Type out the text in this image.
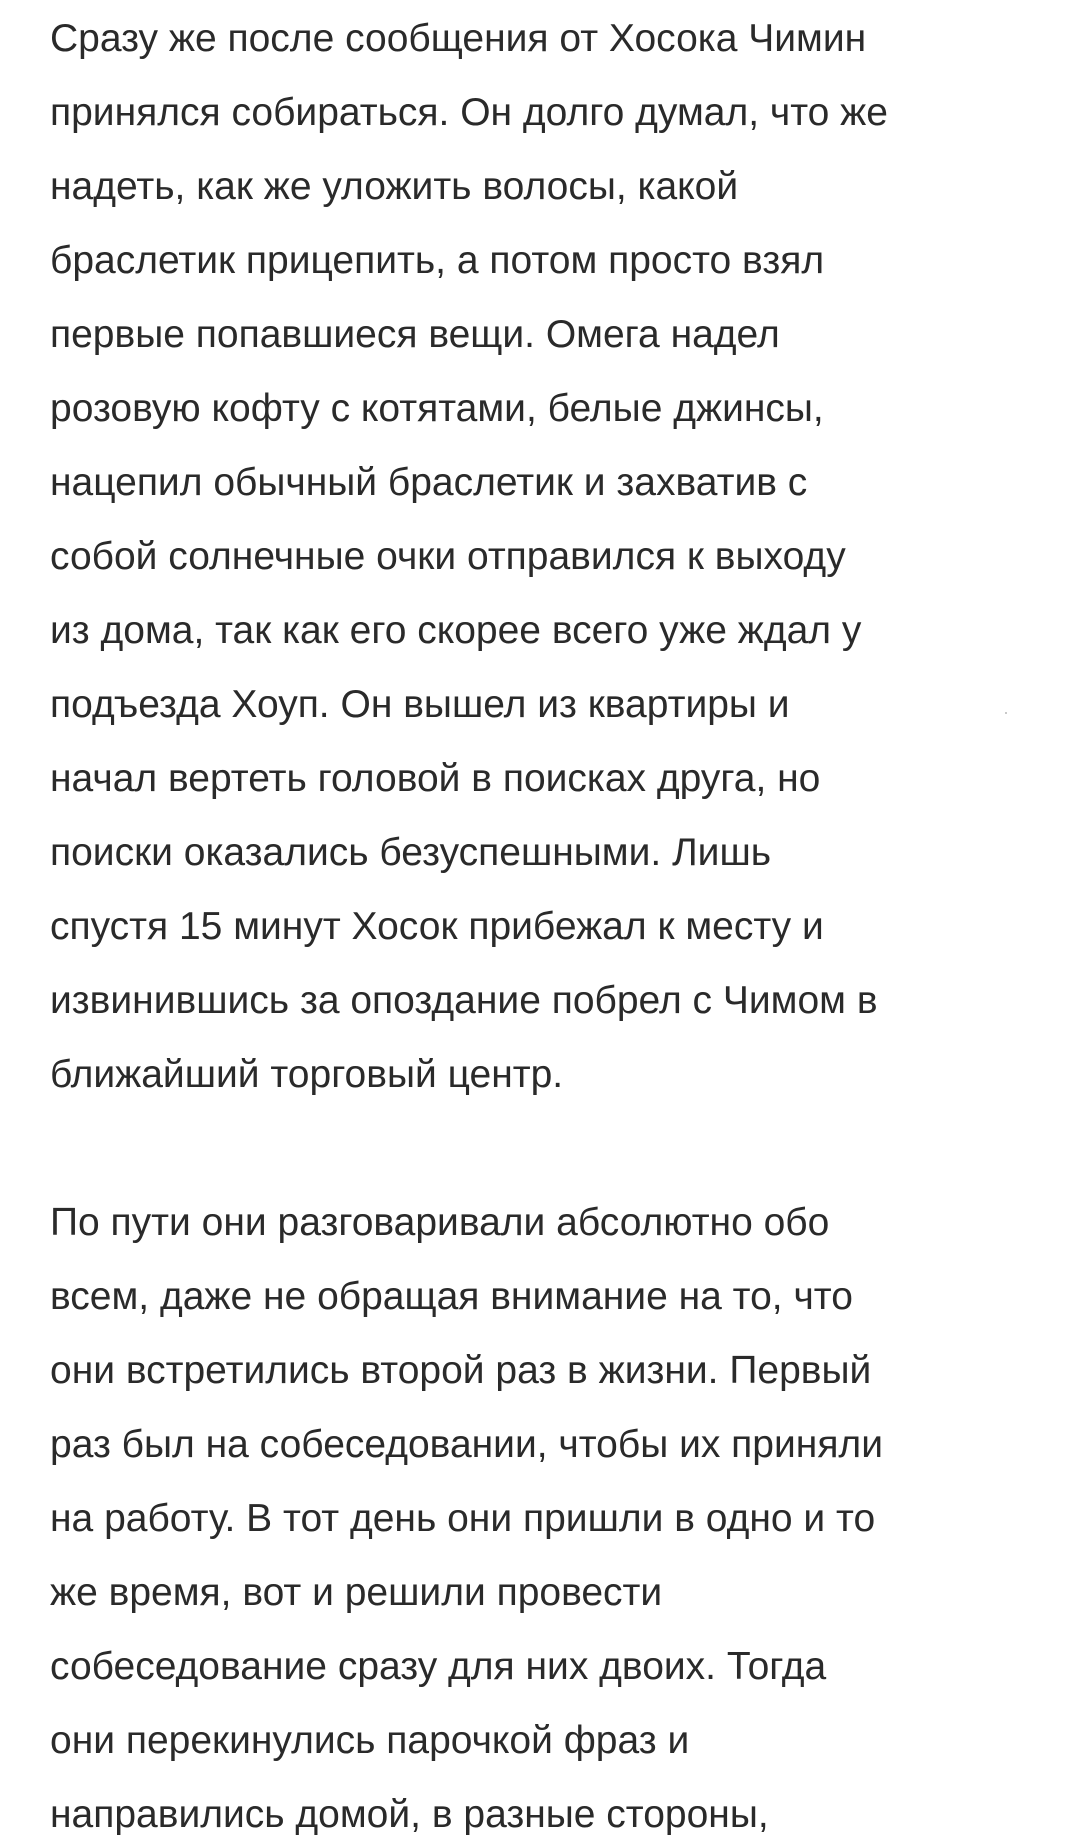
Сразу же после сообщения от Хосока Чимин
принялся собираться. Он долго думал, что же
надеть, как же уложить волосы, какой
браслетик прицепить, а потом просто взял
первые попавшиеся вещи. Омега надел
розовую кофту с котятами, белые джинсы,
нацепил обычный браслетик и захватив с
собой солнечные очки отправился к выходу
из дома, так как его скорее всего уже ждал у
подъезда Хоуп. Он вышел из квартиры и
начал вертеть головой в поисках друга, но
поиски оказались безуспешными. Лишь
спустя 15 минут Хосок прибежал к месту и
извинившись за опоздание побрел с Чимом в
ближайший торговый центр.
По пути они разговаривали абсолютно обо
всем, даже не обращая внимание на то, что
они встретились второй раз в жизни. Первый
раз был на собеседовании, чтобы их приняли
на работу. В тот день они пришли в одно и то
же время, вот и решили провести
собеседование сразу для них двоих. Тогда
они перекинулись парочкой фраз и
направились домой, в разные стороны,
